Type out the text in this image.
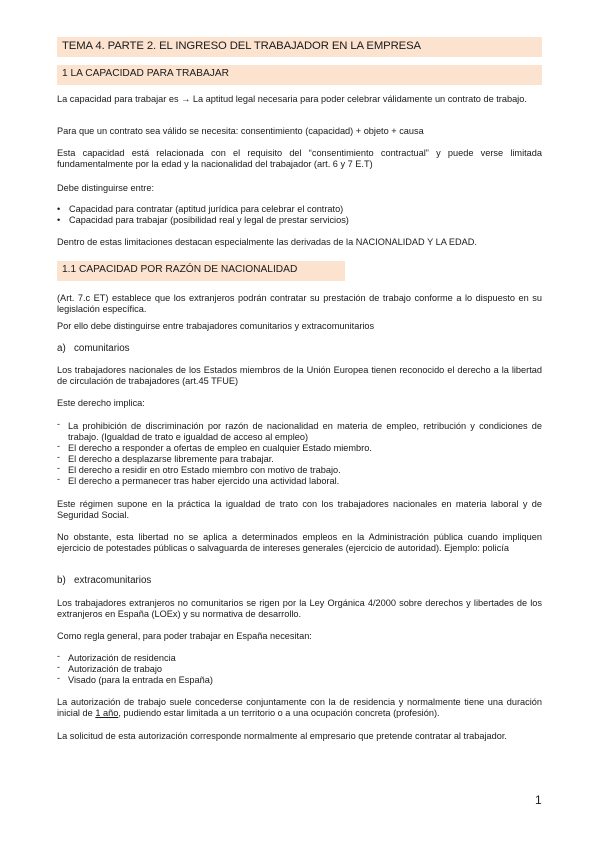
TEMA 4. PARTE 2. EL INGRESO DEL TRABAJADOR EN LA EMPRESA
1 LA CAPACIDAD PARA TRABAJAR

La capacidad para trabajar es → La aptitud legal necesaria para poder celebrar válidamente un contrato de trabajo.

Para que un contrato sea válido se necesita: consentimiento (capacidad) + objeto + causa

Esta capacidad está relacionada con el requisito del “consentimiento contractual” y puede verse limitada fundamentalmente por la edad y la nacionalidad del trabajador (art. 6 y 7 E.T)

Debe distinguirse entre:

• Capacidad para contratar (aptitud jurídica para celebrar el contrato)
• Capacidad para trabajar (posibilidad real y legal de prestar servicios)

Dentro de estas limitaciones destacan especialmente las derivadas de la NACIONALIDAD Y LA EDAD.

1.1 CAPACIDAD POR RAZÓN DE NACIONALIDAD

(Art. 7.c ET) establece que los extranjeros podrán contratar su prestación de trabajo conforme a lo dispuesto en su legislación específica.

Por ello debe distinguirse entre trabajadores comunitarios y extracomunitarios

a) comunitarios

Los trabajadores nacionales de los Estados miembros de la Unión Europea tienen reconocido el derecho a la libertad de circulación de trabajadores (art.45 TFUE)

Este derecho implica:

- La prohibición de discriminación por razón de nacionalidad en materia de empleo, retribución y condiciones de trabajo. (Igualdad de trato e igualdad de acceso al empleo)
- El derecho a responder a ofertas de empleo en cualquier Estado miembro.
- El derecho a desplazarse libremente para trabajar.
- El derecho a residir en otro Estado miembro con motivo de trabajo.
- El derecho a permanecer tras haber ejercido una actividad laboral.

Este régimen supone en la práctica la igualdad de trato con los trabajadores nacionales en materia laboral y de Seguridad Social.

No obstante, esta libertad no se aplica a determinados empleos en la Administración pública cuando impliquen ejercicio de potestades públicas o salvaguarda de intereses generales (ejercicio de autoridad). Ejemplo: policía

b) extracomunitarios

Los trabajadores extranjeros no comunitarios se rigen por la Ley Orgánica 4/2000 sobre derechos y libertades de los extranjeros en España (LOEx) y su normativa de desarrollo.

Como regla general, para poder trabajar en España necesitan:

- Autorización de residencia
- Autorización de trabajo
- Visado (para la entrada en España)

La autorización de trabajo suele concederse conjuntamente con la de residencia y normalmente tiene una duración inicial de 1 año, pudiendo estar limitada a un territorio o a una ocupación concreta (profesión).

La solicitud de esta autorización corresponde normalmente al empresario que pretende contratar al trabajador.

1
